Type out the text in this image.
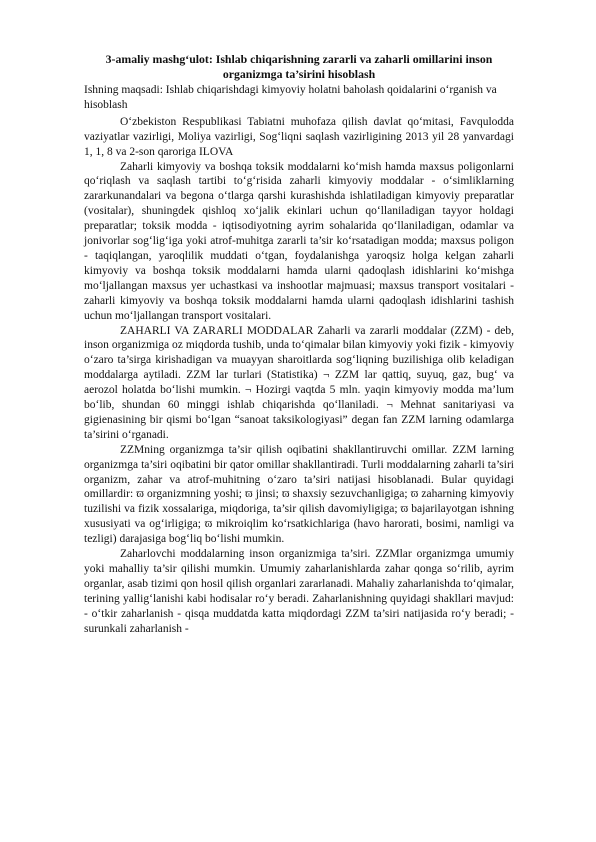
3-amaliy mashg‘ulot: Ishlab chiqarishning zararli va zaharli omillarini inson organizmga ta’sirini hisoblash
Ishning maqsadi: Ishlab chiqarishdagi kimyoviy holatni baholash qoidalarini o‘rganish va hisoblash

O‘zbekiston Respublikasi Tabiatni muhofaza qilish davlat qo‘mitasi, Favqulodda vaziyatlar vazirligi, Moliya vazirligi, Sog‘liqni saqlash vazirligining 2013 yil 28 yanvardagi 1, 1, 8 va 2-son qaroriga ILOVA

Zaharli kimyoviy va boshqa toksik moddalarni ko‘mish hamda maxsus poligonlarni qo‘riqlash va saqlash tartibi to‘g‘risida zaharli kimyoviy moddalar - o‘simliklarning zararkunandalari va begona o‘tlarga qarshi kurashishda ishlatiladigan kimyoviy preparatlar (vositalar), shuningdek qishloq xo‘jalik ekinlari uchun qo‘llaniladigan tayyor holdagi preparatlar; toksik modda - iqtisodiyotning ayrim sohalarida qo‘llaniladigan, odamlar va jonivorlar sog‘lig‘iga yoki atrof-muhitga zararli ta’sir ko‘rsatadigan modda; maxsus poligon - taqiqlangan, yaroqlilik muddati o‘tgan, foydalanishga yaroqsiz holga kelgan zaharli kimyoviy va boshqa toksik moddalarni hamda ularni qadoqlash idishlarini ko‘mishga mo‘ljallangan maxsus yer uchastkasi va inshootlar majmuasi; maxsus transport vositalari - zaharli kimyoviy va boshqa toksik moddalarni hamda ularni qadoqlash idishlarini tashish uchun mo‘ljallangan transport vositalari.

ZAHARLI VA ZARARLI MODDALAR Zaharli va zararli moddalar (ZZM) - deb, inson organizmiga oz miqdorda tushib, unda to‘qimalar bilan kimyoviy yoki fizik - kimyoviy o‘zaro ta’sirga kirishadigan va muayyan sharoitlarda sog‘liqning buzilishiga olib keladigan moddalarga aytiladi. ZZM lar turlari (Statistika) ¬ ZZM lar qattiq, suyuq, gaz, bug‘ va aerozol holatda bo‘lishi mumkin. ¬ Hozirgi vaqtda 5 mln. yaqin kimyoviy modda ma’lum bo‘lib, shundan 60 minggi ishlab chiqarishda qo‘llaniladi. ¬ Mehnat sanitariyasi va gigienasining bir qismi bo‘lgan “sanoat taksikologiyasi” degan fan ZZM larning odamlarga ta’sirini o‘rganadi.

ZZMning organizmga ta’sir qilish oqibatini shakllantiruvchi omillar. ZZM larning organizmga ta’siri oqibatini bir qator omillar shakllantiradi. Turli moddalarning zaharli ta’siri organizm, zahar va atrof-muhitning o‘zaro ta’siri natijasi hisoblanadi. Bular quyidagi omillardir: ϖ organizmning yoshi; ϖ jinsi; ϖ shaxsiy sezuvchanligiga; ϖ zaharning kimyoviy tuzilishi va fizik xossalariga, miqdoriga, ta’sir qilish davomiyligiga; ϖ bajarilayotgan ishning xususiyati va og‘irligiga; ϖ mikroiqlim ko‘rsatkichlariga (havo harorati, bosimi, namligi va tezligi) darajasiga bog‘liq bo‘lishi mumkin.

Zaharlovchi moddalarning inson organizmiga ta’siri. ZZMlar organizmga umumiy yoki mahalliy ta’sir qilishi mumkin. Umumiy zaharlanishlarda zahar qonga so‘rilib, ayrim organlar, asab tizimi qon hosil qilish organlari zararlanadi. Mahaliy zaharlanishda to‘qimalar, terining yallig‘lanishi kabi hodisalar ro‘y beradi. Zaharlanishning quyidagi shakllari mavjud: - o‘tkir zaharlanish - qisqa muddatda katta miqdordagi ZZM ta’siri natijasida ro‘y beradi; -surunkali zaharlanish -
